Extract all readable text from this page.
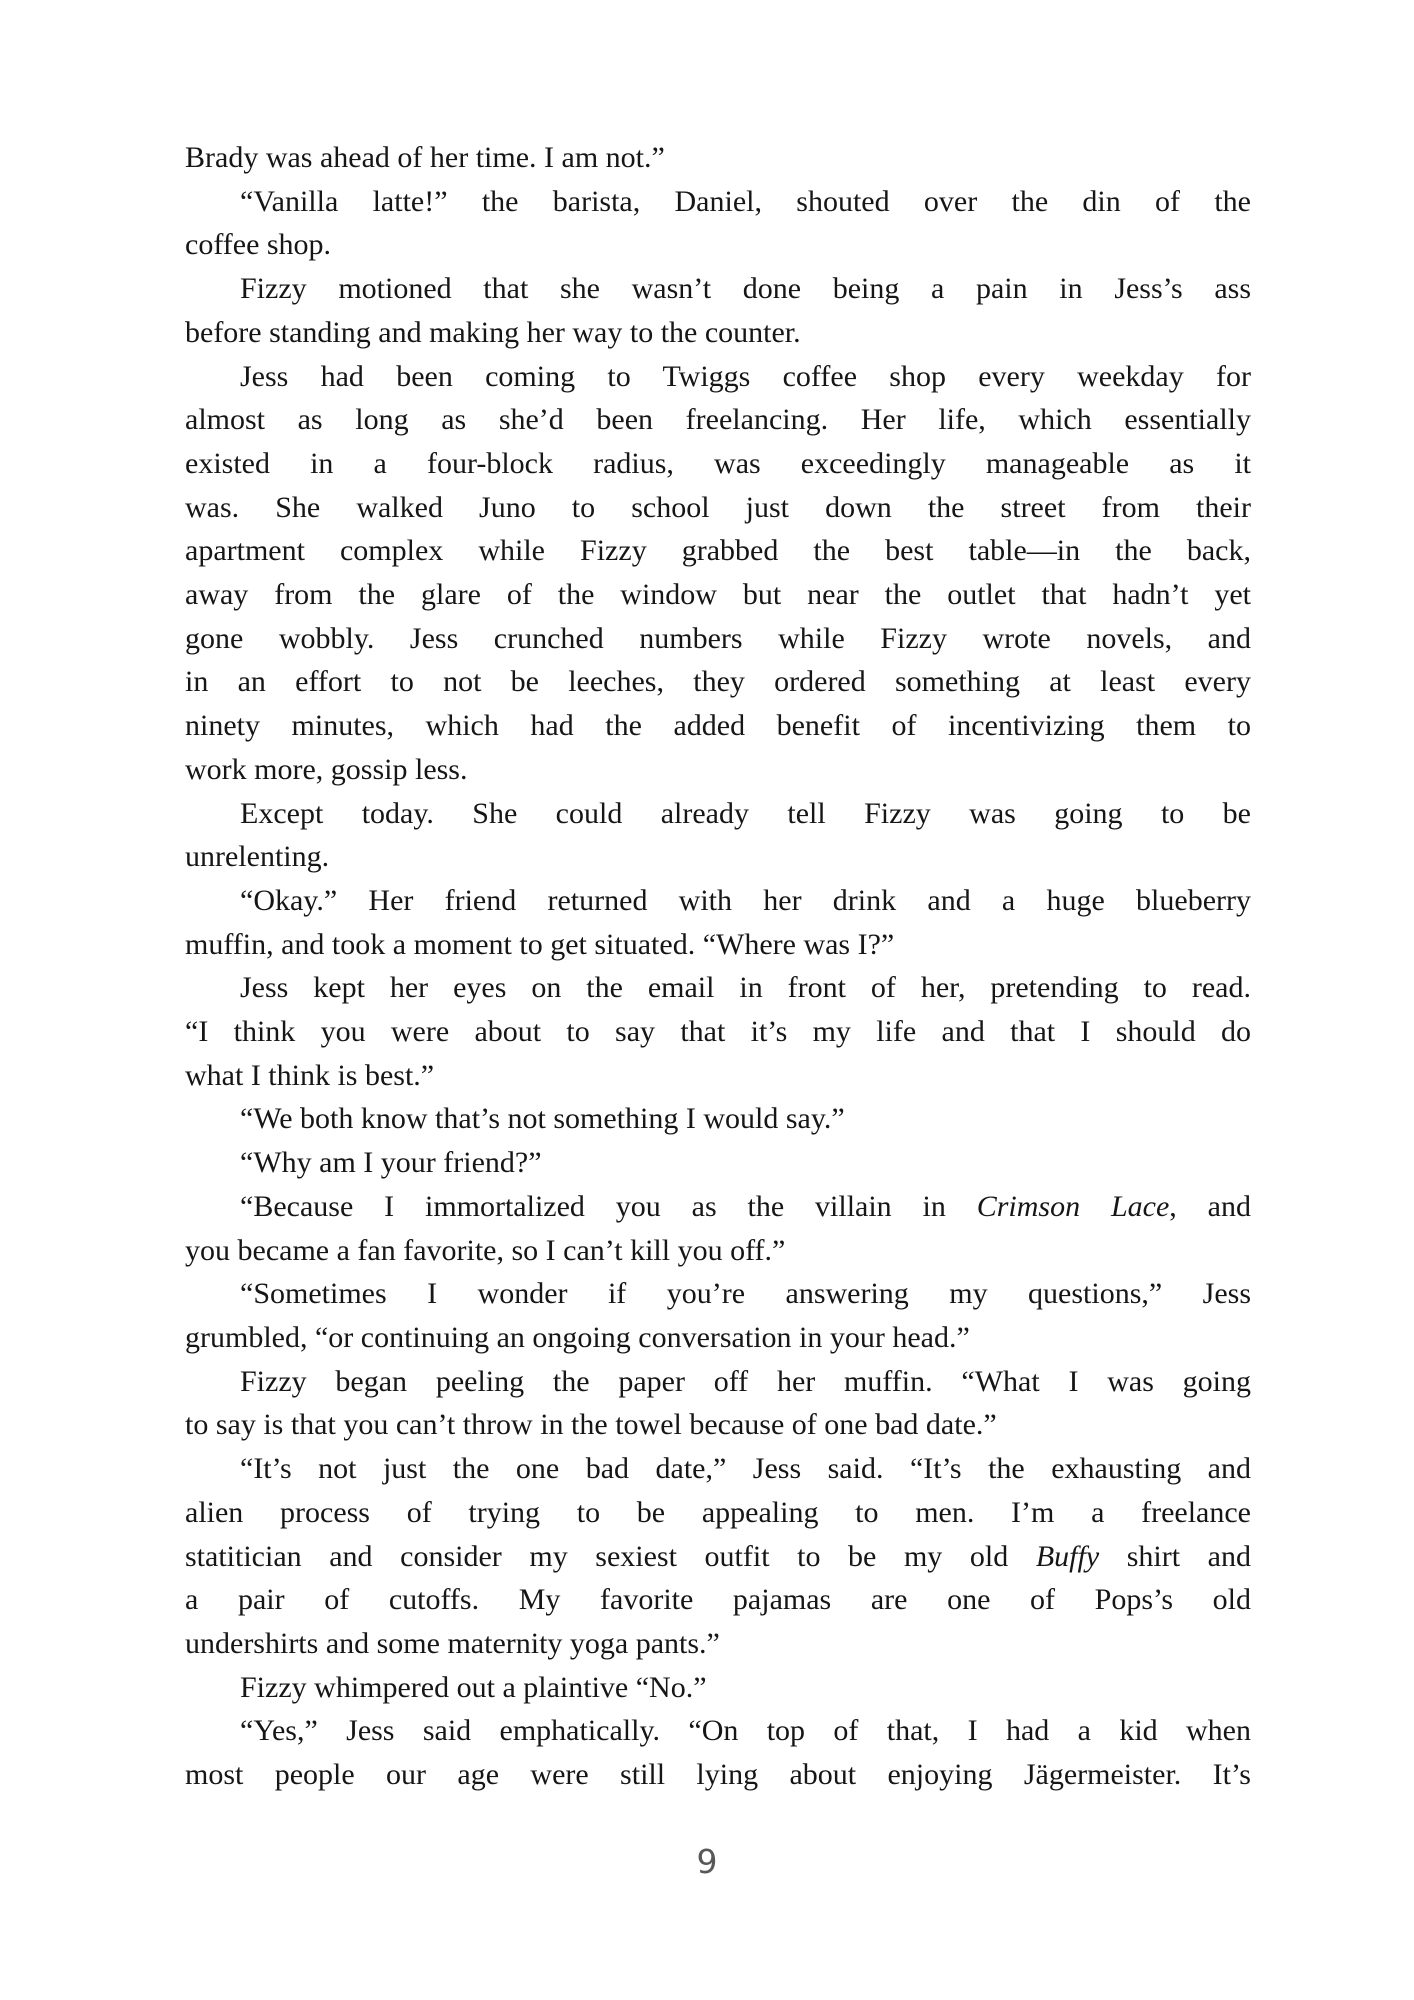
Brady was ahead of her time. I am not.”
“Vanilla latte!” the barista, Daniel, shouted over the din of the
coffee shop.
Fizzy motioned that she wasn’t done being a pain in Jess’s ass
before standing and making her way to the counter.
Jess had been coming to Twiggs coffee shop every weekday for
almost as long as she’d been freelancing. Her life, which essentially
existed in a four-block radius, was exceedingly manageable as it
was. She walked Juno to school just down the street from their
apartment complex while Fizzy grabbed the best table—in the back,
away from the glare of the window but near the outlet that hadn’t yet
gone wobbly. Jess crunched numbers while Fizzy wrote novels, and
in an effort to not be leeches, they ordered something at least every
ninety minutes, which had the added benefit of incentivizing them to
work more, gossip less.
Except today. She could already tell Fizzy was going to be
unrelenting.
“Okay.” Her friend returned with her drink and a huge blueberry
muffin, and took a moment to get situated. “Where was I?”
Jess kept her eyes on the email in front of her, pretending to read.
“I think you were about to say that it’s my life and that I should do
what I think is best.”
“We both know that’s not something I would say.”
“Why am I your friend?”
“Because I immortalized you as the villain in Crimson Lace, and
you became a fan favorite, so I can’t kill you off.”
“Sometimes I wonder if you’re answering my questions,” Jess
grumbled, “or continuing an ongoing conversation in your head.”
Fizzy began peeling the paper off her muffin. “What I was going
to say is that you can’t throw in the towel because of one bad date.”
“It’s not just the one bad date,” Jess said. “It’s the exhausting and
alien process of trying to be appealing to men. I’m a freelance
statitician and consider my sexiest outfit to be my old Buffy shirt and
a pair of cutoffs. My favorite pajamas are one of Pops’s old
undershirts and some maternity yoga pants.”
Fizzy whimpered out a plaintive “No.”
“Yes,” Jess said emphatically. “On top of that, I had a kid when
most people our age were still lying about enjoying Jägermeister. It’s
9
